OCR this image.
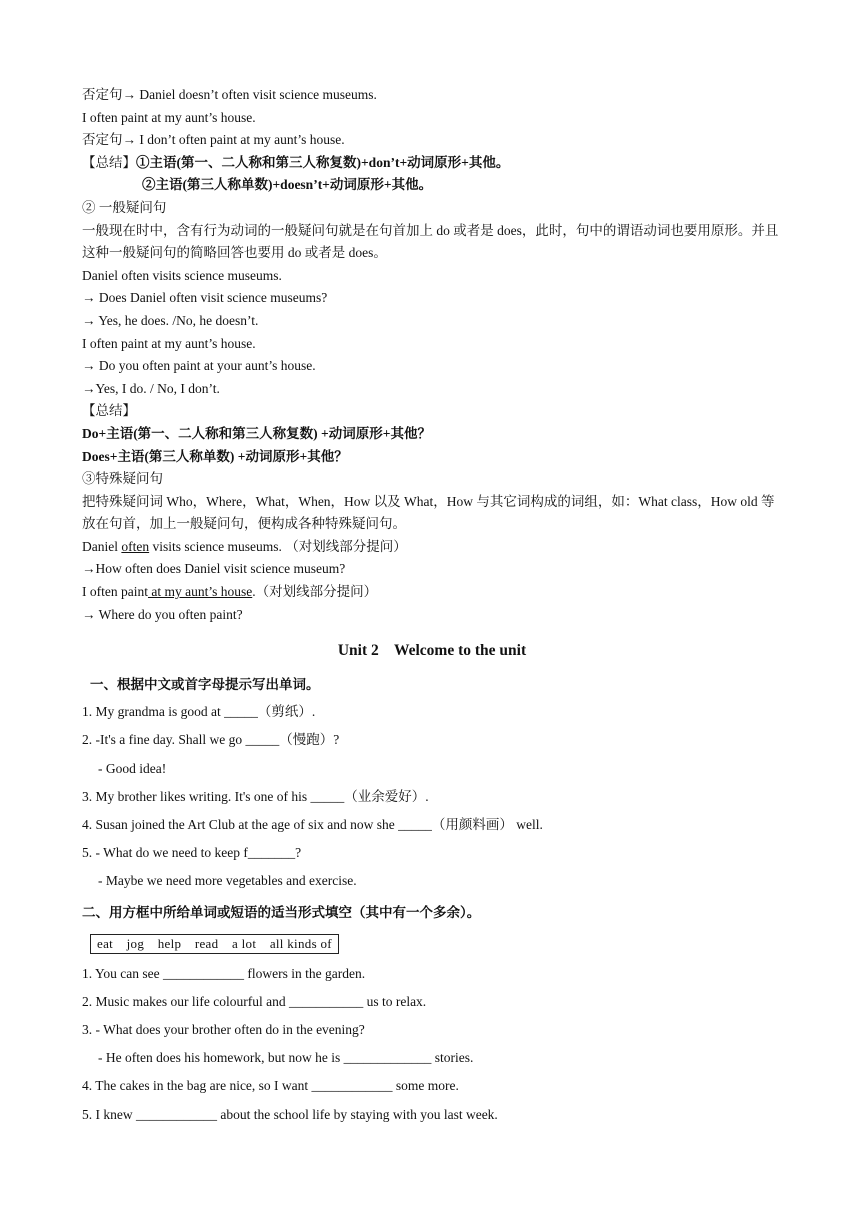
否定句→ Daniel doesn’t often visit science museums.
I often paint at my aunt’s house.
否定句→ I don’t often paint at my aunt’s house.
【总结】①主语(第一、二人称和第三人称复数)+don’t+动词原形+其他。
②主语(第三人称单数)+doesn’t+动词原形+其他。
② 一般疑问句
一般现在时中，含有行为动词的一般疑问句就是在句首加上 do 或者是 does，此时，句中的谓语动词也要用原形。并且这种一般疑问句的简略回答也要用 do 或者是 does。
Daniel often visits science museums.
→ Does Daniel often visit science museums?
→ Yes, he does. /No, he doesn’t.
I often paint at my aunt’s house.
→ Do you often paint at your aunt’s house.
→Yes, I do. / No, I don’t.
【总结】
Do+主语(第一、二人称和第三人称复数) +动词原形+其他？
Does+主语(第三人称单数) +动词原形+其他？
③特殊疑问句
把特殊疑问词 Who，Where，What，When，How 以及 What，How 与其它词构成的词组，如：What class，How old 等放在句首，加上一般疑问句，便构成各种特殊疑问句。
Daniel often visits science museums. （对划线部分提问）
→How often does Daniel visit science museum?
I often paint at my aunt’s house.（对划线部分提问）
→ Where do you often paint?
Unit 2    Welcome to the unit
一、根据中文或首字母提示写出单词。
1. My grandma is good at _____（剪纸）.
2. -It's a fine day. Shall we go _____（慢跑）?
- Good idea!
3. My brother likes writing. It's one of his _____（业余爱好）.
4. Susan joined the Art Club at the age of six and now she _____（用颜料画） well.
5. - What do we need to keep f_______?
- Maybe we need more vegetables and exercise.
二、用方框中所给单词或短语的适当形式填空（其中有一个多余）。
eat jog help read a lot all kinds of
1. You can see ____________ flowers in the garden.
2. Music makes our life colourful and ___________ us to relax.
3. - What does your brother often do in the evening?
- He often does his homework, but now he is _____________ stories.
4. The cakes in the bag are nice, so I want ____________ some more.
5. I knew ____________ about the school life by staying with you last week.
